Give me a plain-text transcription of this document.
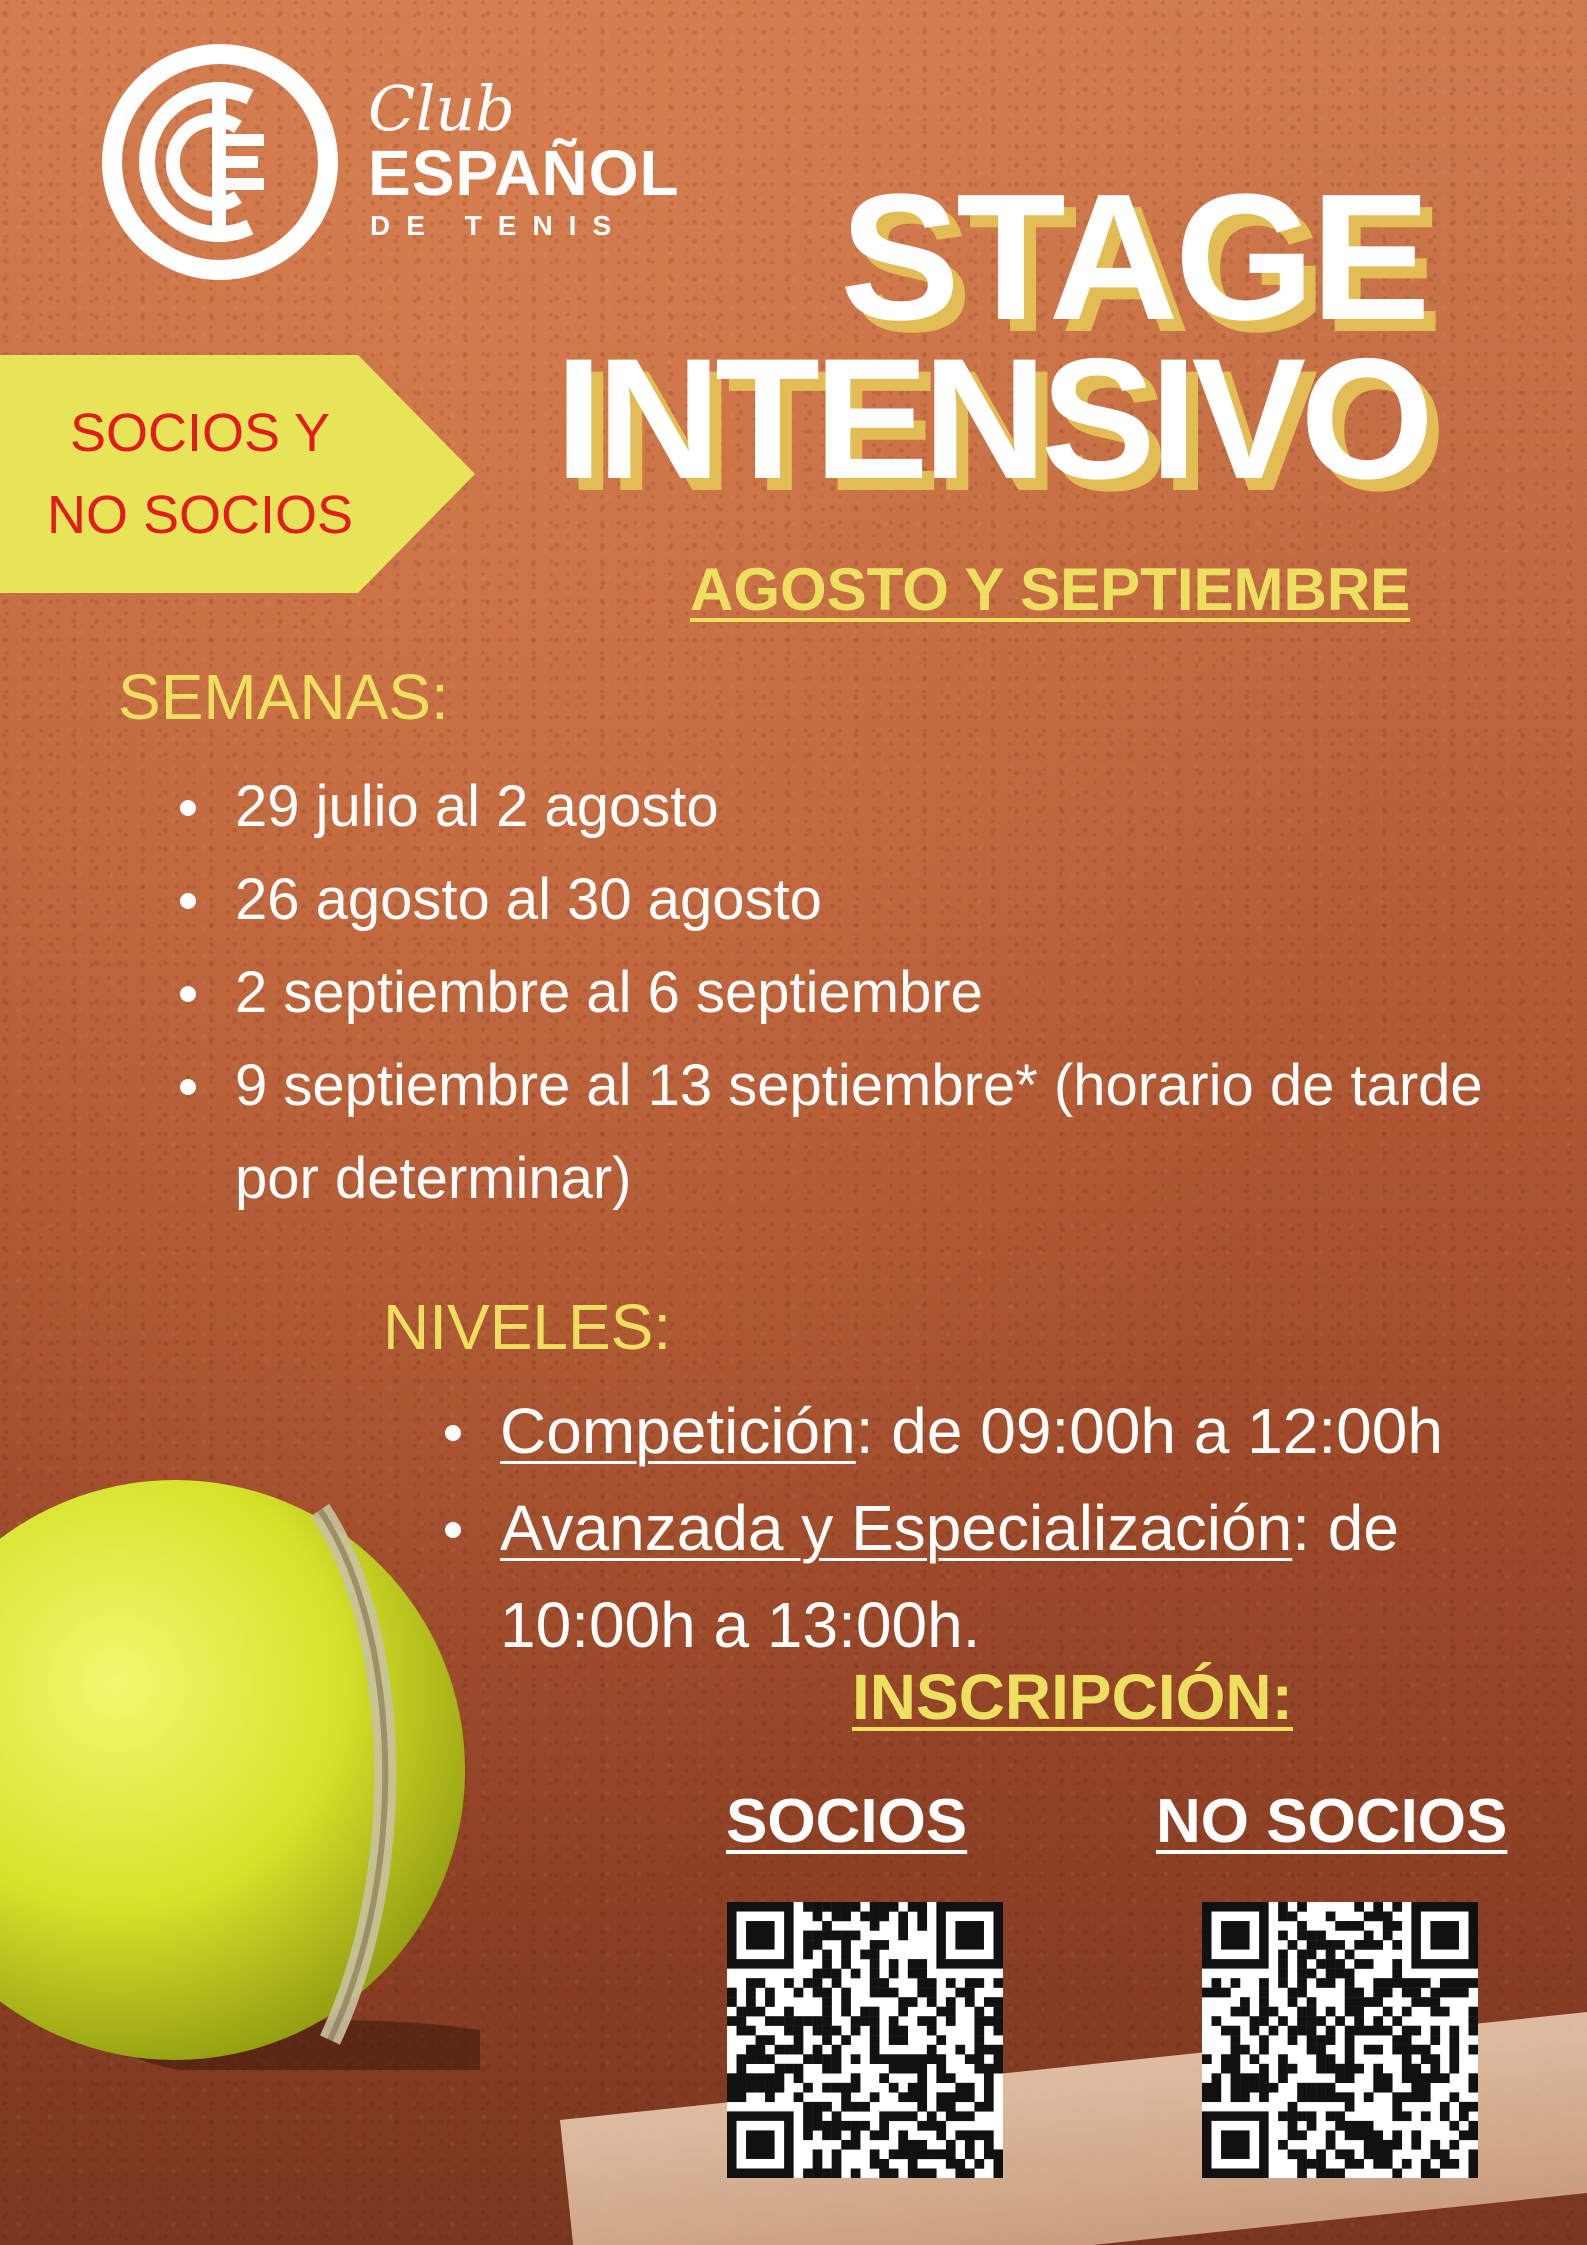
Club
ESPAÑOL
DE TENIS STAGE
INTENSIVO
SOCIOS Y
NO SOCIOS
AGOSTO Y SEPTIEMBRE
SEMANAS:
29 julio al 2 agosto
26 agosto al 30 agosto
2 septiembre al 6 septiembre
9 septiembre al 13 septiembre* (horario de tarde por determinar)
NIVELES:
Competición: de 09:00h a 12:00h
Avanzada y Especialización: de 10:00h a 13:00h.
INSCRIPCIÓN:
SOCIOS	NO SOCIOS
